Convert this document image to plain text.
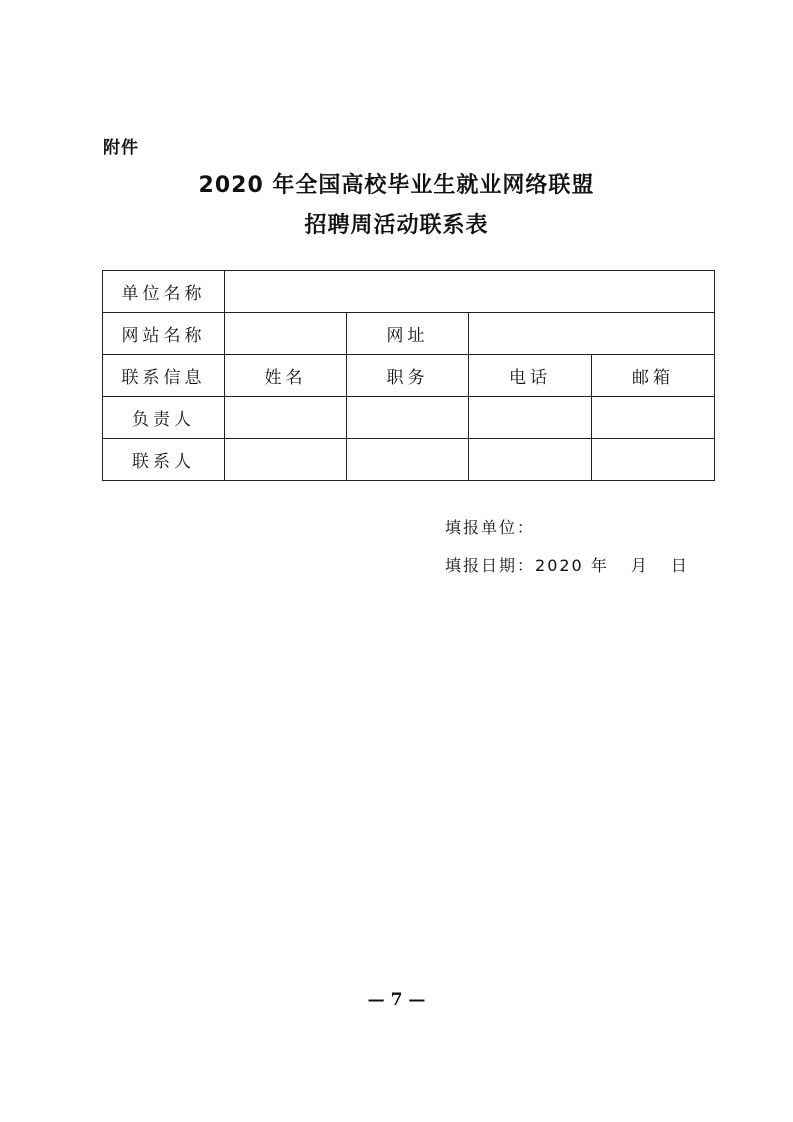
附件
2020 年全国高校毕业生就业网络联盟
招聘周活动联系表
单位名称				
网站名称		网址		
联系信息	姓名	职务	电话	邮箱
负责人				
联系人				
填报单位：
填报日期：2020 年 月 日
— 7 —
